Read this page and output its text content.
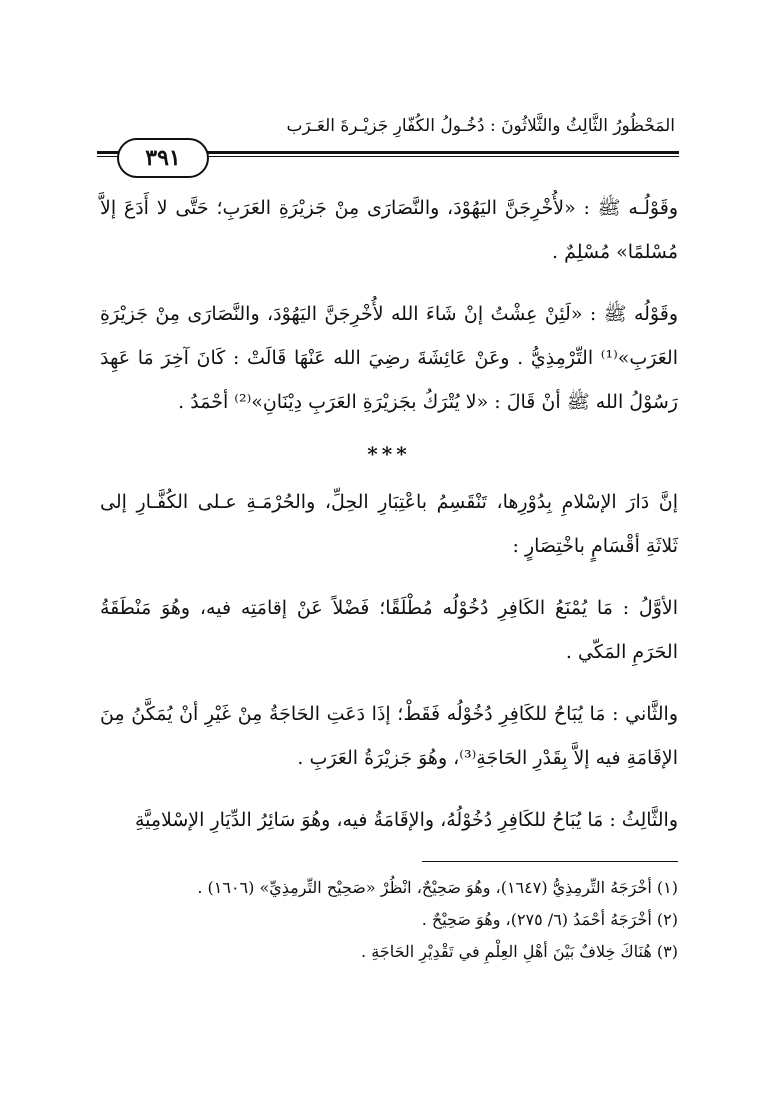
المَحْظُورُ الثَّالِثُ والثَّلاثُونَ : دُخُـولُ الكُفّارِ جَزيْـرةَ العَـرَب
٣٩١

وقَوْلُـه ﷺ : «لأُخْرِجَنَّ اليَهُوْدَ، والنَّصَارَى مِنْ جَزيْرَةِ العَرَبِ؛ حَتَّى لا أَدَعَ إلاَّ مُسْلمًا» مُسْلِمٌ .

وقَوْلُه ﷺ : «لَئِنْ عِشْتُ إنْ شَاءَ الله لأُخْرِجَنَّ اليَهُوْدَ، والنَّصَارَى مِنْ جَزيْرَةِ العَرَبِ»⁽¹⁾ التِّرْمِذِيُّ . وعَنْ عَائِشَةَ رضِيَ الله عَنْهَا قَالَتْ : كَانَ آخِرَ مَا عَهِدَ رَسُوْلُ الله ﷺ أنْ قَالَ : «لا يُتْرَكُ بجَزيْرَةِ العَرَبِ دِيْنَانِ»⁽²⁾ أحْمَدُ .

***

إنَّ دَارَ الإسْلامِ بِدُوْرِها، تَنْقَسِمُ باعْتِبَارِ الحِلِّ، والحُرْمَـةِ عـلى الكُفَّـارِ إلى ثَلاثَةِ أقْسَامٍ باخْتِصَارٍ :

الأوَّلُ : مَا يُمْنَعُ الكَافِرِ دُخُوْلُه مُطْلَقًا؛ فَضْلاً عَنْ إقامَتِه فيه، وهُوَ مَنْطَقَةُ الحَرَمِ المَكّي .

والثَّاني : مَا يُبَاحُ للكَافِرِ دُخُوْلُه فَقَطْ؛ إذَا دَعَتِ الحَاجَةُ مِنْ غَيْرِ أنْ يُمَكَّنُ مِنَ الإقَامَةِ فيه إلاَّ بِقَدْرِ الحَاجَةِ⁽³⁾، وهُوَ جَزيْرَةُ العَرَبِ .

والثَّالِثُ : مَا يُبَاحُ للكَافِرِ دُخُوْلُهُ، والإقَامَةُ فيه، وهُوَ سَائِرُ الدِّيَارِ الإسْلامِيَّةِ

(١) أخْرَجَهُ التِّرمِذِيُّ (١٦٤٧)، وهُوَ صَحِيْحٌ، انْظُرْ «صَحِيْح التِّرمِذِيِّ» (١٦٠٦) .
(٢) أخْرَجَهُ أحْمَدُ (٦/ ٢٧٥)، وهُوَ صَحِيْحٌ .
(٣) هُنَاكَ خِلافٌ بَيْنَ أهْلِ العِلْمِ في تَقْدِيْرِ الحَاجَةِ .
